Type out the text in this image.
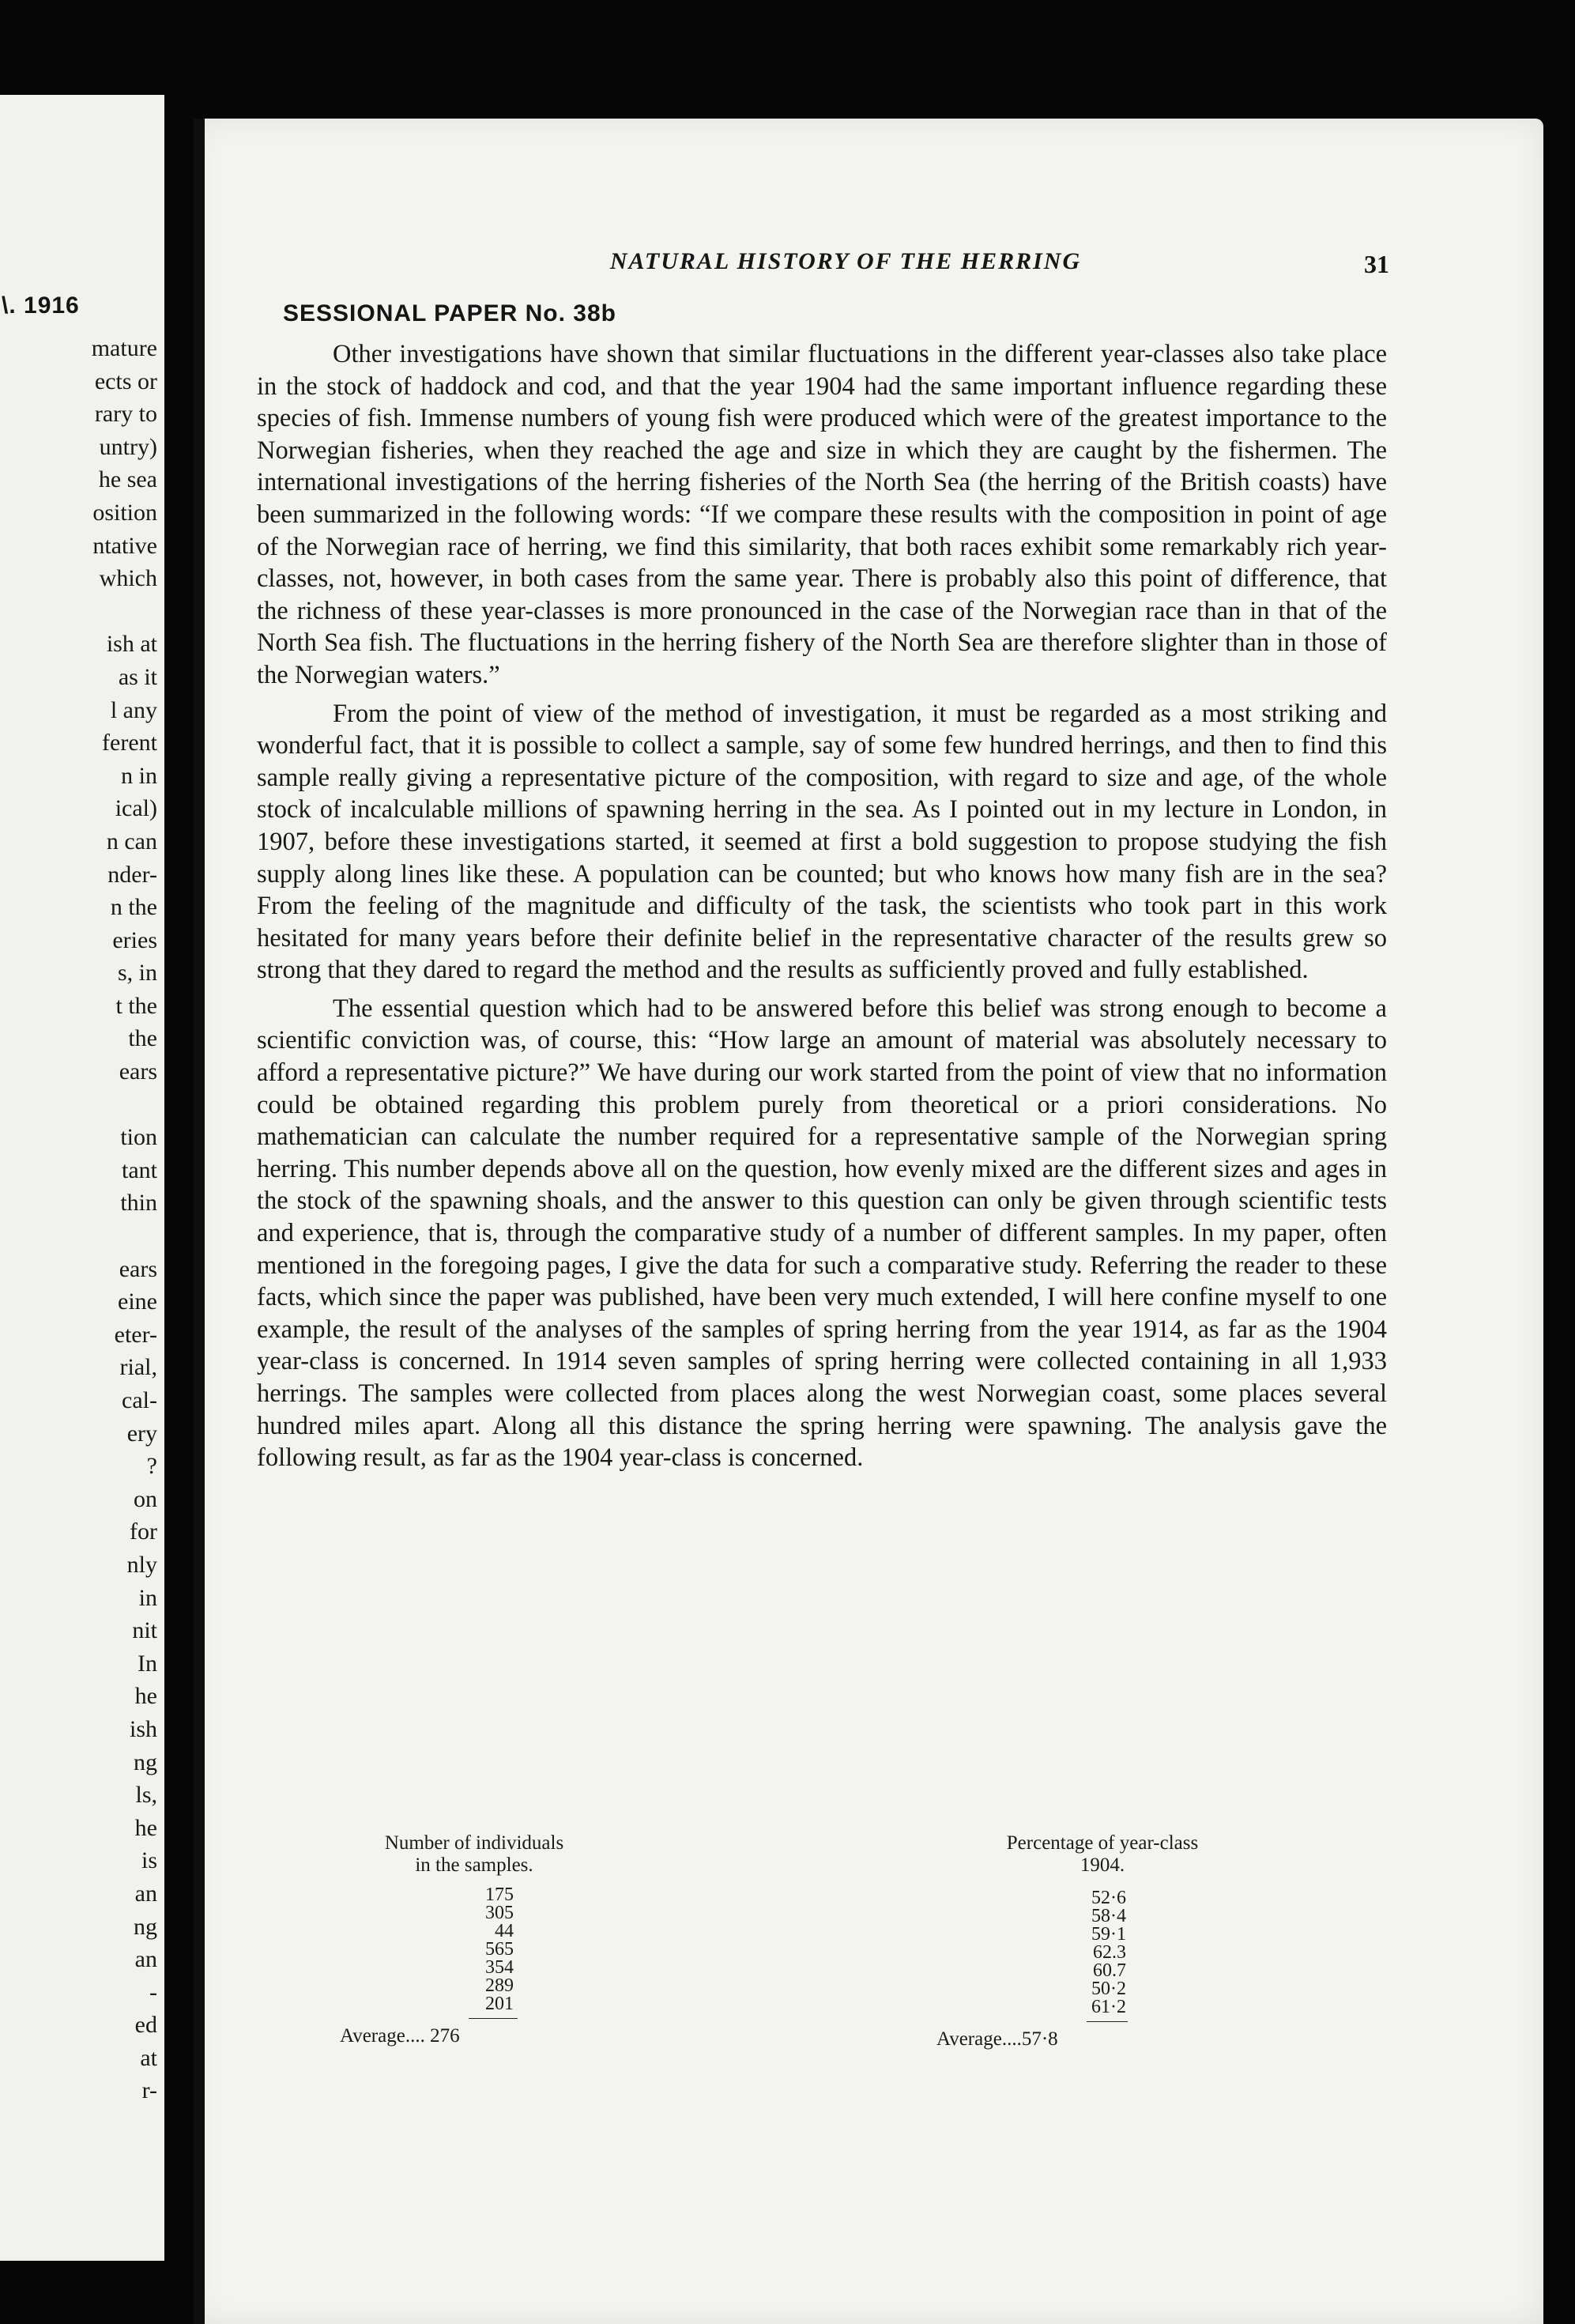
\. 1916
mature
ects or
rary to
untry)
he sea
osition
ntative
which
ish at
as it
l any
ferent
n in
ical)
n can
nder-
n the
eries
s, in
t the
the
ears
tion
tant
thin
ears
eine
eter-
rial,
cal-
ery
?
on
for
nly
in
nit
In
he
ish
ng
ls,
he
is
an
ng
an
-
ed
at
r-
NATURAL HISTORY OF THE HERRING	31
SESSIONAL PAPER No. 38b

Other investigations have shown that similar fluctuations in the different year-classes also take place in the stock of haddock and cod, and that the year 1904 had the same important influence regarding these species of fish. Immense numbers of young fish were produced which were of the greatest importance to the Norwegian fisheries, when they reached the age and size in which they are caught by the fishermen. The international investigations of the herring fisheries of the North Sea (the herring of the British coasts) have been summarized in the following words: “If we compare these results with the composition in point of age of the Norwegian race of herring, we find this similarity, that both races exhibit some remarkably rich year-classes, not, however, in both cases from the same year. There is probably also this point of difference, that the richness of these year-classes is more pronounced in the case of the Norwegian race than in that of the North Sea fish. The fluctuations in the herring fishery of the North Sea are therefore slighter than in those of the Norwegian waters.”

From the point of view of the method of investigation, it must be regarded as a most striking and wonderful fact, that it is possible to collect a sample, say of some few hundred herrings, and then to find this sample really giving a representative picture of the composition, with regard to size and age, of the whole stock of incalculable millions of spawning herring in the sea. As I pointed out in my lecture in London, in 1907, before these investigations started, it seemed at first a bold suggestion to propose studying the fish supply along lines like these. A population can be counted; but who knows how many fish are in the sea? From the feeling of the magnitude and difficulty of the task, the scientists who took part in this work hesitated for many years before their definite belief in the representative character of the results grew so strong that they dared to regard the method and the results as sufficiently proved and fully established.

The essential question which had to be answered before this belief was strong enough to become a scientific conviction was, of course, this: “How large an amount of material was absolutely necessary to afford a representative picture?” We have during our work started from the point of view that no information could be obtained regarding this problem purely from theoretical or a priori considerations. No mathematician can calculate the number required for a representative sample of the Norwegian spring herring. This number depends above all on the question, how evenly mixed are the different sizes and ages in the stock of the spawning shoals, and the answer to this question can only be given through scientific tests and experience, that is, through the comparative study of a number of different samples. In my paper, often mentioned in the foregoing pages, I give the data for such a comparative study. Referring the reader to these facts, which since the paper was published, have been very much extended, I will here confine myself to one example, the result of the analyses of the samples of spring herring from the year 1914, as far as the 1904 year-class is concerned. In 1914 seven samples of spring herring were collected containing in all 1,933 herrings. The samples were collected from places along the west Norwegian coast, some places several hundred miles apart. Along all this distance the spring herring were spawning. The analysis gave the following result, as far as the 1904 year-class is concerned.

Number of individuals
in the samples.
175
305
44
565
354
289
201
Average.... 276
Percentage of year-class
1904.
52·6
58·4
59·1
62.3
60.7
50·2
61·2
Average....57·8
